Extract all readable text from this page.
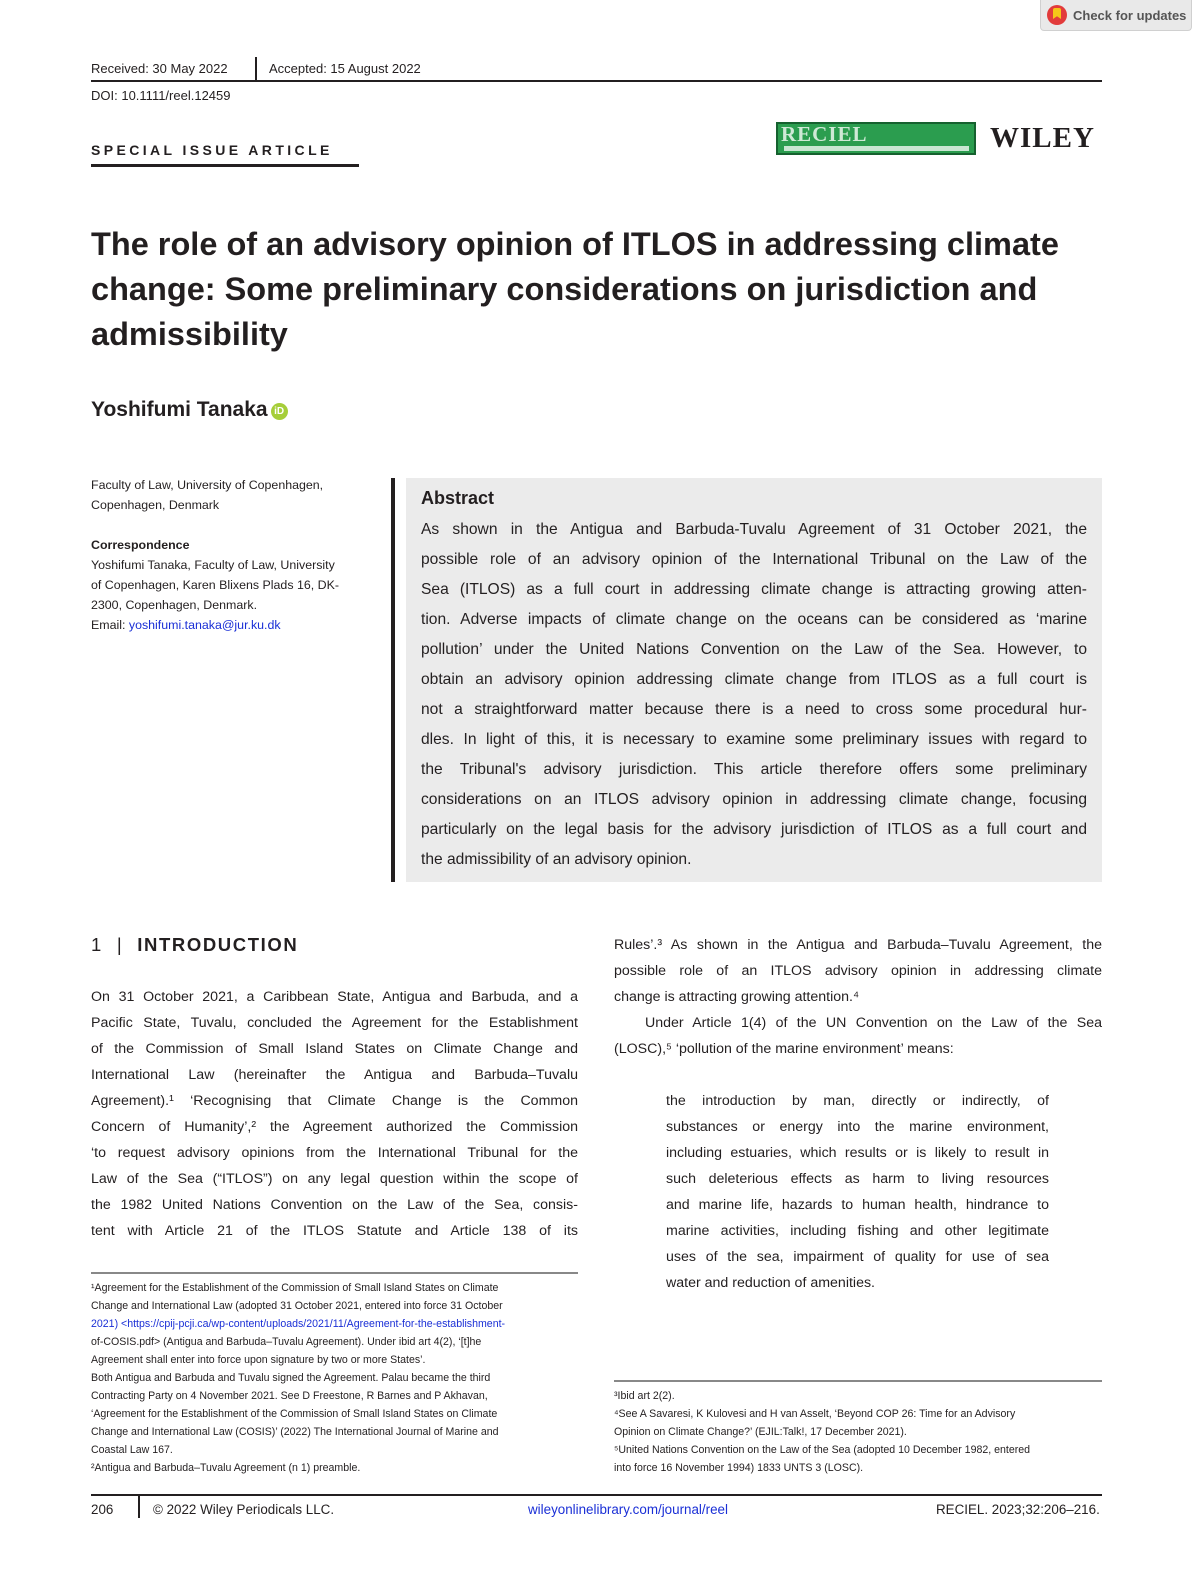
Check for updates
Received: 30 May 2022	Accepted: 15 August 2022
DOI: 10.1111/reel.12459
SPECIAL ISSUE ARTICLE
RECIEL	WILEY
The role of an advisory opinion of ITLOS in addressing climate
change: Some preliminary considerations on jurisdiction and
admissibility
Yoshifumi Tanaka iD
Faculty of Law, University of Copenhagen,
Copenhagen, Denmark
Correspondence
Yoshifumi Tanaka, Faculty of Law, University
of Copenhagen, Karen Blixens Plads 16, DK-
2300, Copenhagen, Denmark.
Email: yoshifumi.tanaka@jur.ku.dk
Abstract
As shown in the Antigua and Barbuda-Tuvalu Agreement of 31 October 2021, the
possible role of an advisory opinion of the International Tribunal on the Law of the
Sea (ITLOS) as a full court in addressing climate change is attracting growing atten-
tion. Adverse impacts of climate change on the oceans can be considered as ‘marine
pollution’ under the United Nations Convention on the Law of the Sea. However, to
obtain an advisory opinion addressing climate change from ITLOS as a full court is
not a straightforward matter because there is a need to cross some procedural hur-
dles. In light of this, it is necessary to examine some preliminary issues with regard to
the Tribunal's advisory jurisdiction. This article therefore offers some preliminary
considerations on an ITLOS advisory opinion in addressing climate change, focusing
particularly on the legal basis for the advisory jurisdiction of ITLOS as a full court and
the admissibility of an advisory opinion.
1 | INTRODUCTION
On 31 October 2021, a Caribbean State, Antigua and Barbuda, and a
Pacific State, Tuvalu, concluded the Agreement for the Establishment
of the Commission of Small Island States on Climate Change and
International Law (hereinafter the Antigua and Barbuda–Tuvalu
Agreement).¹ ‘Recognising that Climate Change is the Common
Concern of Humanity’,² the Agreement authorized the Commission
‘to request advisory opinions from the International Tribunal for the
Law of the Sea (“ITLOS”) on any legal question within the scope of
the 1982 United Nations Convention on the Law of the Sea, consis-
tent with Article 21 of the ITLOS Statute and Article 138 of its
Rules’.³ As shown in the Antigua and Barbuda–Tuvalu Agreement, the
possible role of an ITLOS advisory opinion in addressing climate
change is attracting growing attention.⁴
Under Article 1(4) of the UN Convention on the Law of the Sea
(LOSC),⁵ ‘pollution of the marine environment’ means:
the introduction by man, directly or indirectly, of
substances or energy into the marine environment,
including estuaries, which results or is likely to result in
such deleterious effects as harm to living resources
and marine life, hazards to human health, hindrance to
marine activities, including fishing and other legitimate
uses of the sea, impairment of quality for use of sea
water and reduction of amenities.
¹Agreement for the Establishment of the Commission of Small Island States on Climate
Change and International Law (adopted 31 October 2021, entered into force 31 October
2021) <https://cpij-pcji.ca/wp-content/uploads/2021/11/Agreement-for-the-establishment-
of-COSIS.pdf> (Antigua and Barbuda–Tuvalu Agreement). Under ibid art 4(2), ‘[t]he
Agreement shall enter into force upon signature by two or more States’.
Both Antigua and Barbuda and Tuvalu signed the Agreement. Palau became the third
Contracting Party on 4 November 2021. See D Freestone, R Barnes and P Akhavan,
‘Agreement for the Establishment of the Commission of Small Island States on Climate
Change and International Law (COSIS)’ (2022) The International Journal of Marine and
Coastal Law 167.
²Antigua and Barbuda–Tuvalu Agreement (n 1) preamble.
³Ibid art 2(2).
⁴See A Savaresi, K Kulovesi and H van Asselt, ‘Beyond COP 26: Time for an Advisory
Opinion on Climate Change?’ (EJIL:Talk!, 17 December 2021).
⁵United Nations Convention on the Law of the Sea (adopted 10 December 1982, entered
into force 16 November 1994) 1833 UNTS 3 (LOSC).
206	© 2022 Wiley Periodicals LLC.	wileyonlinelibrary.com/journal/reel	RECIEL. 2023;32:206–216.
